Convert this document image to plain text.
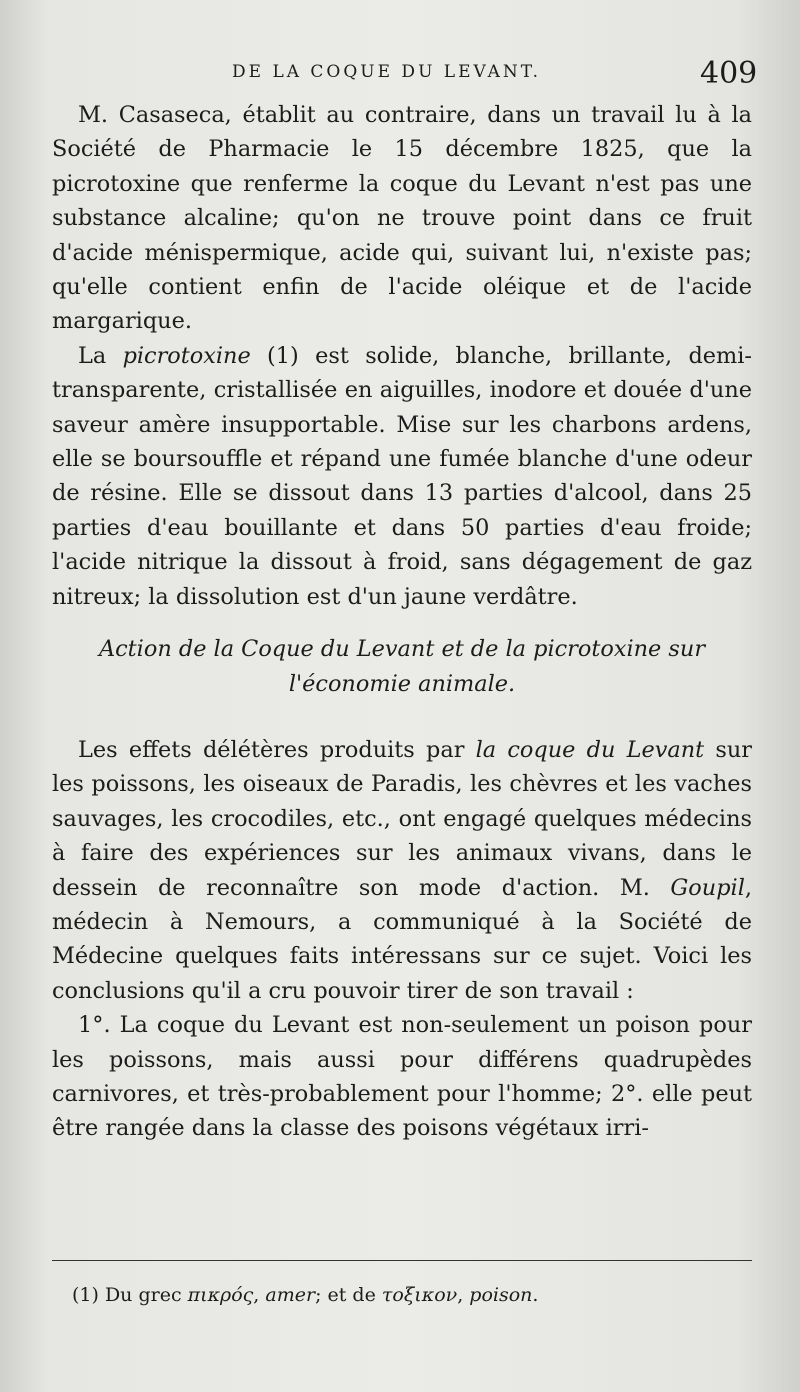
DE LA COQUE DU LEVANT.	409

M. Casaseca, établit au contraire, dans un travail lu à la Société de Pharmacie le 15 décembre 1825, que la picrotoxine que renferme la coque du Levant n'est pas une substance alcaline; qu'on ne trouve point dans ce fruit d'acide ménispermique, acide qui, suivant lui, n'existe pas; qu'elle contient enfin de l'acide oléique et de l'acide margarique.

La picrotoxine (1) est solide, blanche, brillante, demi-transparente, cristallisée en aiguilles, inodore et douée d'une saveur amère insupportable. Mise sur les charbons ardens, elle se boursouffle et répand une fumée blanche d'une odeur de résine. Elle se dissout dans 13 parties d'alcool, dans 25 parties d'eau bouillante et dans 50 parties d'eau froide; l'acide nitrique la dissout à froid, sans dégagement de gaz nitreux; la dissolution est d'un jaune verdâtre.

Action de la Coque du Levant et de la picrotoxine sur
l'économie animale.

Les effets délétères produits par la coque du Levant sur les poissons, les oiseaux de Paradis, les chèvres et les vaches sauvages, les crocodiles, etc., ont engagé quelques médecins à faire des expériences sur les animaux vivans, dans le dessein de reconnaître son mode d'action. M. Goupil, médecin à Nemours, a communiqué à la Société de Médecine quelques faits intéressans sur ce sujet. Voici les conclusions qu'il a cru pouvoir tirer de son travail :

1°. La coque du Levant est non-seulement un poison pour les poissons, mais aussi pour différens quadrupèdes carnivores, et très-probablement pour l'homme; 2°. elle peut être rangée dans la classe des poisons végétaux irri-

(1) Du grec πικρός, amer; et de τοξικον, poison.
